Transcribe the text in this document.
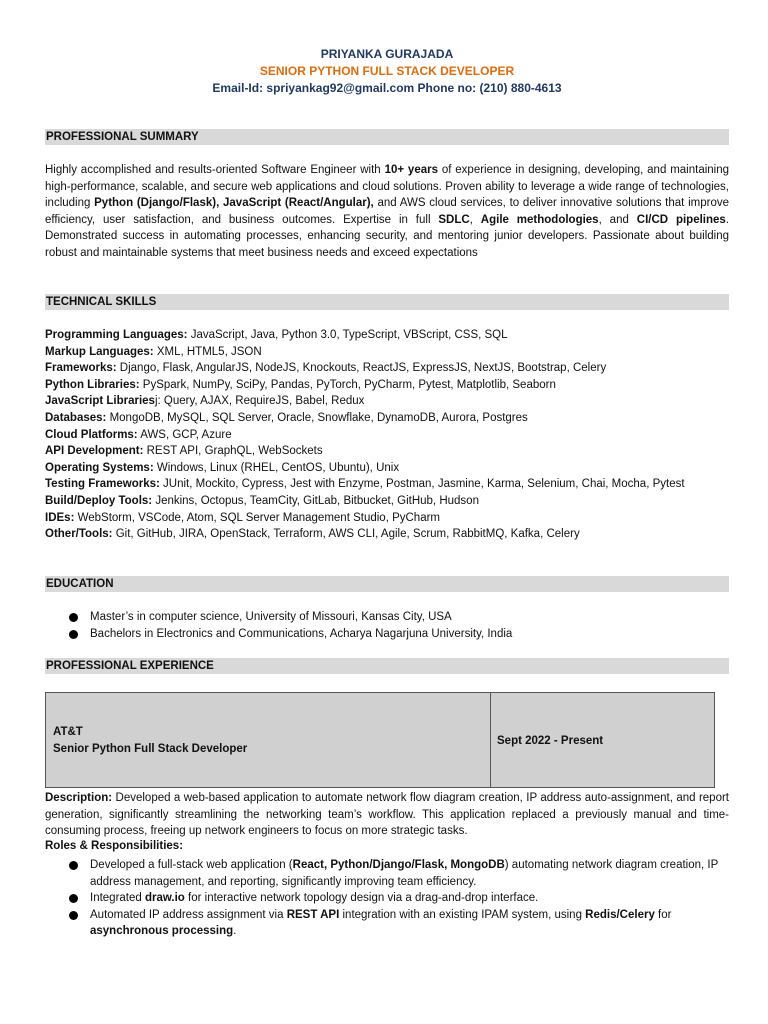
PRIYANKA GURAJADA
SENIOR PYTHON FULL STACK DEVELOPER
Email-Id: spriyankag92@gmail.com Phone no: (210) 880-4613
PROFESSIONAL SUMMARY
Highly accomplished and results-oriented Software Engineer with 10+ years of experience in designing, developing, and maintaining high-performance, scalable, and secure web applications and cloud solutions. Proven ability to leverage a wide range of technologies, including Python (Django/Flask), JavaScript (React/Angular), and AWS cloud services, to deliver innovative solutions that improve efficiency, user satisfaction, and business outcomes. Expertise in full SDLC, Agile methodologies, and CI/CD pipelines. Demonstrated success in automating processes, enhancing security, and mentoring junior developers. Passionate about building robust and maintainable systems that meet business needs and exceed expectations
TECHNICAL SKILLS
Programming Languages: JavaScript, Java, Python 3.0, TypeScript, VBScript, CSS, SQL
Markup Languages: XML, HTML5, JSON
Frameworks: Django, Flask, AngularJS, NodeJS, Knockouts, ReactJS, ExpressJS, NextJS, Bootstrap, Celery
Python Libraries: PySpark, NumPy, SciPy, Pandas, PyTorch, PyCharm, Pytest, Matplotlib, Seaborn
JavaScript Librariesj: Query, AJAX, RequireJS, Babel, Redux
Databases: MongoDB, MySQL, SQL Server, Oracle, Snowflake, DynamoDB, Aurora, Postgres
Cloud Platforms: AWS, GCP, Azure
API Development: REST API, GraphQL, WebSockets
Operating Systems: Windows, Linux (RHEL, CentOS, Ubuntu), Unix
Testing Frameworks: JUnit, Mockito, Cypress, Jest with Enzyme, Postman, Jasmine, Karma, Selenium, Chai, Mocha, Pytest
Build/Deploy Tools: Jenkins, Octopus, TeamCity, GitLab, Bitbucket, GitHub, Hudson
IDEs: WebStorm, VSCode, Atom, SQL Server Management Studio, PyCharm
Other/Tools: Git, GitHub, JIRA, OpenStack, Terraform, AWS CLI, Agile, Scrum, RabbitMQ, Kafka, Celery
EDUCATION
Master’s in computer science, University of Missouri, Kansas City, USA
Bachelors in Electronics and Communications, Acharya Nagarjuna University, India
PROFESSIONAL EXPERIENCE
AT&T
Senior Python Full Stack Developer
Sept 2022 - Present
Description: Developed a web-based application to automate network flow diagram creation, IP address auto-assignment, and report generation, significantly streamlining the networking team’s workflow. This application replaced a previously manual and time-consuming process, freeing up network engineers to focus on more strategic tasks.
Roles & Responsibilities:
Developed a full-stack web application (React, Python/Django/Flask, MongoDB) automating network diagram creation, IP address management, and reporting, significantly improving team efficiency.
Integrated draw.io for interactive network topology design via a drag-and-drop interface.
Automated IP address assignment via REST API integration with an existing IPAM system, using Redis/Celery for asynchronous processing.
